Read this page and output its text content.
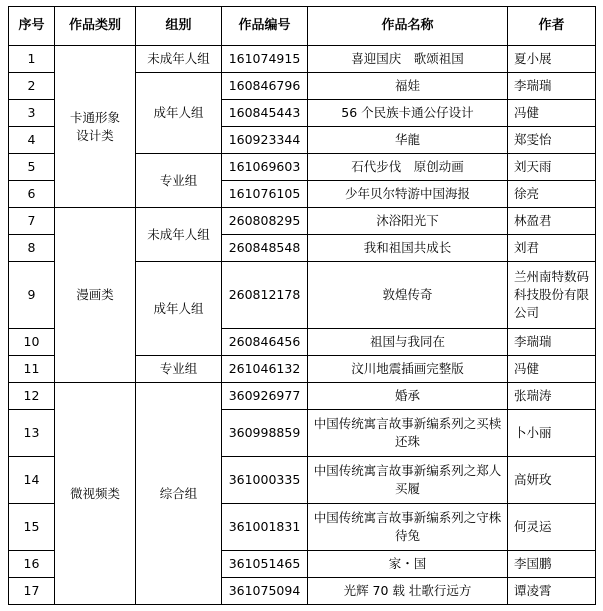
序号	作品类别	组别	作品编号	作品名称	作者
1	卡通形象设计类	未成年人组	161074915	喜迎国庆　歌颂祖国	夏小展
2		成年人组	160846796	福娃	李瑞瑞
3			160845443	56 个民族卡通公仔设计	冯健
4			160923344	华龍	郑雯怡
5		专业组	161069603	石代步伐　原创动画	刘天雨
6			161076105	少年贝尔特游中国海报	徐亮
7	漫画类	未成年人组	260808295	沐浴阳光下	林盈君
8			260848548	我和祖国共成长	刘君
9		成年人组	260812178	敦煌传奇	兰州南特数码科技股份有限公司
10			260846456	祖国与我同在	李瑞瑞
11		专业组	261046132	汶川地震插画完整版	冯健
12	微视频类	综合组	360926977	婚承	张瑞涛
13			360998859	中国传统寓言故事新编系列之买椟还珠	卜小丽
14			361000335	中国传统寓言故事新编系列之郑人买履	高妍玫
15			361001831	中国传统寓言故事新编系列之守株待兔	何灵运
16			361051465	家・国	李国鹏
17			361075094	光辉 70 载 壮歌行远方	谭凌霄
